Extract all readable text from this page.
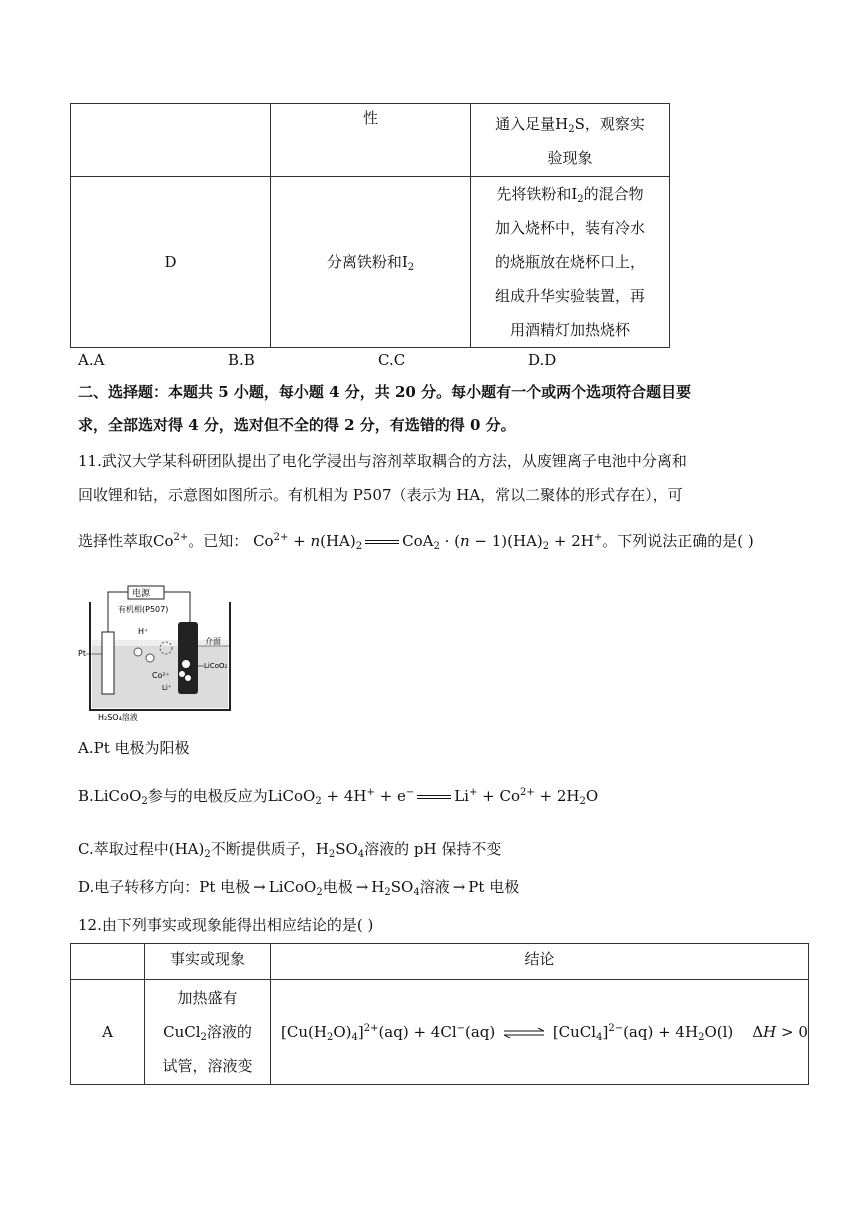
	性	通入足量$H_2S$，观察实
验现象
D	分离铁粉和$I_2$	先将铁粉和$I_2$的混合物
加入烧杯中，装有冷水
的烧瓶放在烧杯口上，
组成升华实验装置，再
用酒精灯加热烧杯
A.A	B.B	C.C	D.D
二、选择题：本题共 5 小题，每小题 4 分，共 20 分。每小题有一个或两个选项符合题目要
求，全部选对得 4 分，选对但不全的得 2 分，有选错的得 0 分。
11.武汉大学某科研团队提出了电化学浸出与溶剂萃取耦合的方法，从废锂离子电池中分离和
回收锂和钴，示意图如图所示。有机相为 P507（表示为 HA，常以二聚体的形式存在），可
选择性萃取$Co^{2+}$。已知： $Co^{2+} + n(HA)_2$	$CoA_2 \cdot (n - 1)(HA)_2 + 2H^+$。下列说法正确的是( )
电源
Pt
LiCoO₂
有机相(P507)
H⁺
介面
Co²⁺
Li⁺
H₂SO₄溶液
A.Pt 电极为阳极
B.LiCoO$_2$参与的电极反应为LiCoO$_2$ + 4H+ + e−	$Li^+ + Co^{2+} + 2H_2O$
C.萃取过程中$(HA)_2$不断提供质子，$H_2SO_4$溶液的 pH 保持不变
D.电子转移方向：Pt 电极 → LiCoO$_2$电极 → $H_2SO_4$溶液 → Pt 电极
12.由下列事实或现象能得出相应结论的是( )
	事实或现象	结论
A	加热盛有
CuCl$_2$溶液的
试管，溶液变	$[Cu(H_2O)_4]^{2+}(aq) + 4Cl^-(aq)$ ⇌ [CuCl$_4$]$^{2-}$(aq) + $4H_2O(l)$    ΔH > 0
